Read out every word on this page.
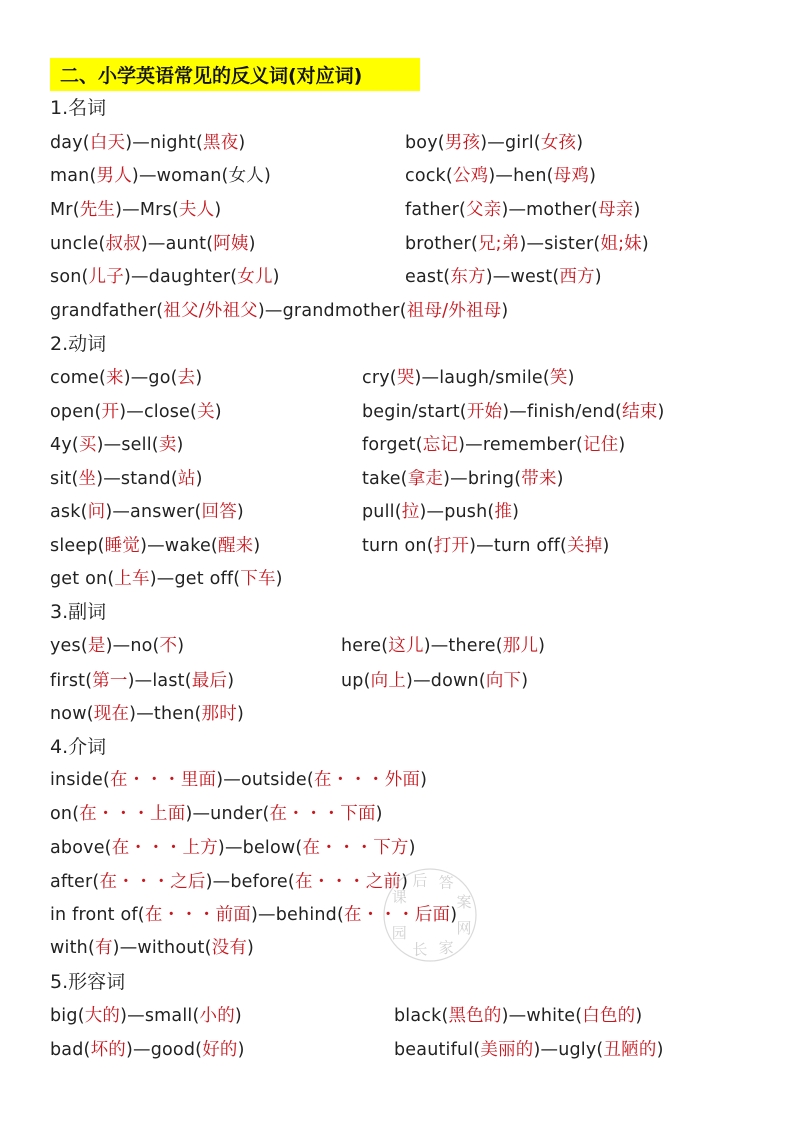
二、小学英语常见的反义词(对应词)
1.名词
day(白天)—night(黑夜)	boy(男孩)—girl(女孩)
man(男人)—woman(女人)	cock(公鸡)—hen(母鸡)
Mr(先生)—Mrs(夫人)	father(父亲)—mother(母亲)
uncle(叔叔)—aunt(阿姨)	brother(兄;弟)—sister(姐;妹)
son(儿子)—daughter(女儿)	east(东方)—west(西方)
grandfather(祖父/外祖父)—grandmother(祖母/外祖母)
2.动词
come(来)—go(去)	cry(哭)—laugh/smile(笑)
open(开)—close(关)	begin/start(开始)—finish/end(结束)
4y(买)—sell(卖)	forget(忘记)—remember(记住)
sit(坐)—stand(站)	take(拿走)—bring(带来)
ask(问)—answer(回答)	pull(拉)—push(推)
sleep(睡觉)—wake(醒来)	turn on(打开)—turn off(关掉)
get on(上车)—get off(下车)
3.副词
yes(是)—no(不)	here(这儿)—there(那儿)
first(第一)—last(最后)	up(向上)—down(向下)
now(现在)—then(那时)
4.介词
inside(在・・・里面)—outside(在・・・外面)
on(在・・・上面)—under(在・・・下面)
above(在・・・上方)—below(在・・・下方)
after(在・・・之后)—before(在・・・之前)
in front of(在・・・前面)—behind(在・・・后面)
with(有)—without(没有)
5.形容词
big(大的)—small(小的)	black(黑色的)—white(白色的)
bad(坏的)—good(好的)	beautiful(美丽的)—ugly(丑陋的)
课
后 答
案
网
家
长
园
